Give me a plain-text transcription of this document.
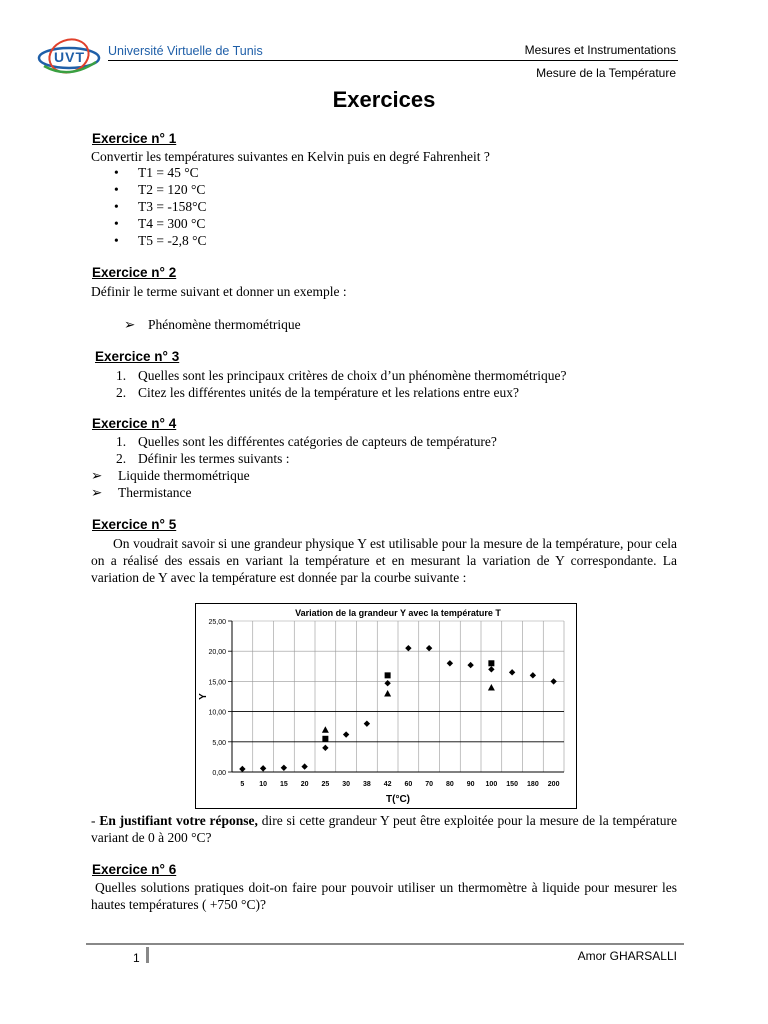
UVT Université Virtuelle de Tunis	Mesures et Instrumentations
Mesure de la Température
Exercices
Exercice n° 1
Convertir les températures suivantes en Kelvin puis en degré Fahrenheit ?
• T1 = 45 °C
• T2 = 120 °C
• T3 = -158°C
• T4 = 300 °C
• T5 = -2,8 °C
Exercice n° 2
Définir le terme suivant et donner un exemple :
➢ Phénomène thermométrique
Exercice n° 3
1. Quelles sont les principaux critères de choix d’un phénomène thermométrique?
2. Citez les différentes unités de la température et les relations entre eux?
Exercice n° 4
1. Quelles sont les différentes catégories de capteurs de température?
2. Définir les termes suivants :
➢ Liquide thermométrique
➢ Thermistance
Exercice n° 5
On voudrait savoir si une grandeur physique Y est utilisable pour la mesure de la température, pour cela on a réalisé des essais en variant la température et en mesurant la variation de Y correspondante. La variation de Y avec la température est donnée par la courbe suivante :
Variation de la grandeur Y avec la température T
0,00
5,00
10,00
15,00
20,00
25,00
5 10 15 20 25 30 38 42 60 70 80 90 100 150 180 200
T(°C)
Y
- En justifiant votre réponse, dire si cette grandeur Y peut être exploitée pour la mesure de la température variant de 0 à 200 °C?
Exercice n° 6
Quelles solutions pratiques doit-on faire pour pouvoir utiliser un thermomètre à liquide pour mesurer les hautes températures ( +750 °C)?
1	Amor GHARSALLI
